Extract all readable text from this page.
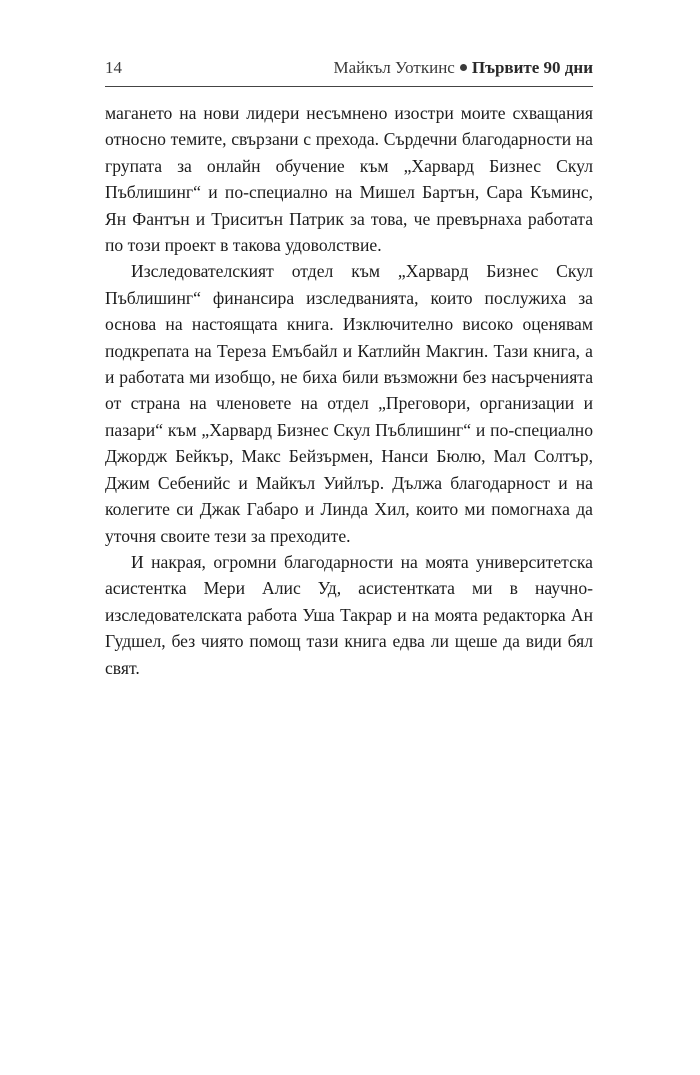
14	Майкъл Уоткинс Първите 90 дни

магането на нови лидери несъмнено изостри моите схващания относно темите, свързани с прехода. Сърдечни благодарности на групата за онлайн обучение към „Харвард Бизнес Скул Пъблишинг“ и по-специално на Мишел Бартън, Сара Къминс, Ян Фантън и Триситън Патрик за това, че превърнаха работата по този проект в такова удоволствие.

Изследователският отдел към „Харвард Бизнес Скул Пъблишинг“ финансира изследванията, които послужиха за основа на настоящата книга. Изключително високо оценявам подкрепата на Тереза Емъбайл и Катлийн Макгин. Тази книга, а и работата ми изобщо, не биха били възможни без насърченията от страна на членовете на отдел „Преговори, организации и пазари“ към „Харвард Бизнес Скул Пъблишинг“ и по-специално Джордж Бейкър, Макс Бейзърмен, Нанси Бюлю, Мал Солтър, Джим Себенийс и Майкъл Уийлър. Дължа благодарност и на колегите си Джак Габаро и Линда Хил, които ми помогнаха да уточня своите тези за преходите.

И накрая, огромни благодарности на моята университетска асистентка Мери Алис Уд, асистентката ми в научно-изследователската работа Уша Такрар и на моята редакторка Ан Гудшел, без чиято помощ тази книга едва ли щеше да види бял свят.
